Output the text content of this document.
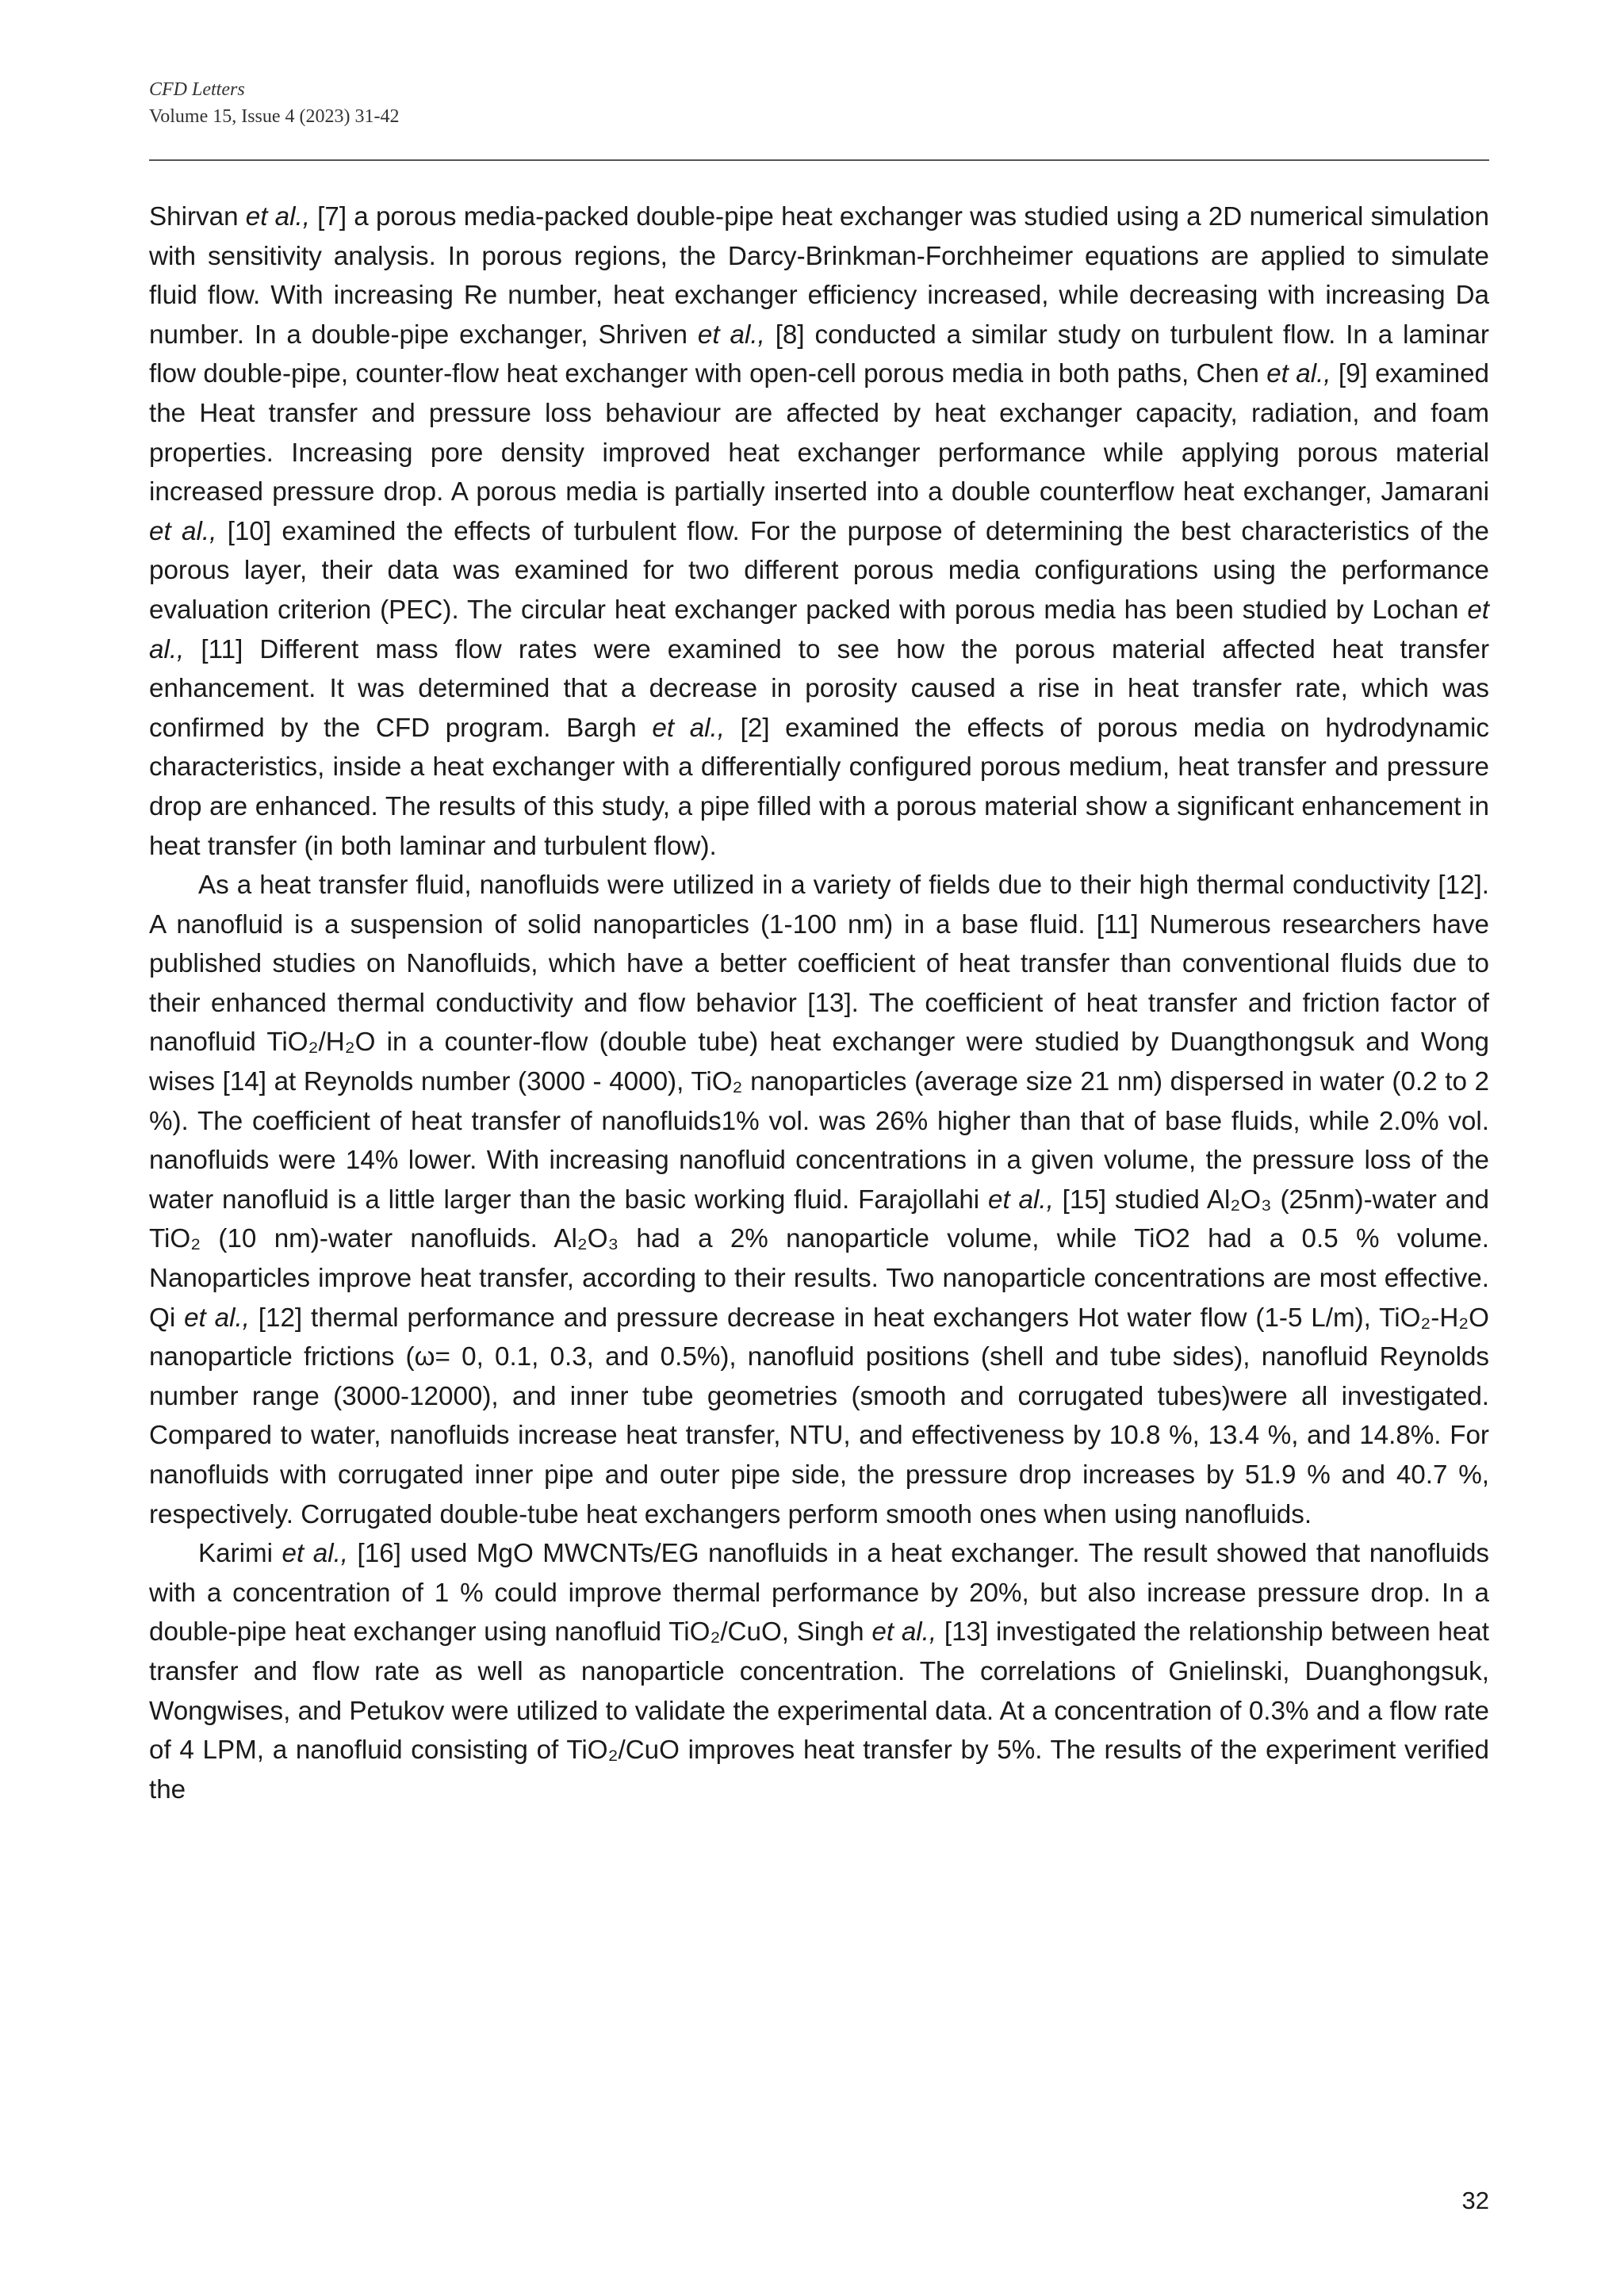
CFD Letters
Volume 15, Issue 4 (2023) 31-42

Shirvan et al., [7] a porous media-packed double-pipe heat exchanger was studied using a 2D numerical simulation with sensitivity analysis. In porous regions, the Darcy-Brinkman-Forchheimer equations are applied to simulate fluid flow. With increasing Re number, heat exchanger efficiency increased, while decreasing with increasing Da number. In a double-pipe exchanger, Shriven et al., [8] conducted a similar study on turbulent flow. In a laminar flow double-pipe, counter-flow heat exchanger with open-cell porous media in both paths, Chen et al., [9] examined the Heat transfer and pressure loss behaviour are affected by heat exchanger capacity, radiation, and foam properties. Increasing pore density improved heat exchanger performance while applying porous material increased pressure drop. A porous media is partially inserted into a double counterflow heat exchanger, Jamarani et al., [10] examined the effects of turbulent flow. For the purpose of determining the best characteristics of the porous layer, their data was examined for two different porous media configurations using the performance evaluation criterion (PEC). The circular heat exchanger packed with porous media has been studied by Lochan et al., [11] Different mass flow rates were examined to see how the porous material affected heat transfer enhancement. It was determined that a decrease in porosity caused a rise in heat transfer rate, which was confirmed by the CFD program. Bargh et al., [2] examined the effects of porous media on hydrodynamic characteristics, inside a heat exchanger with a differentially configured porous medium, heat transfer and pressure drop are enhanced. The results of this study, a pipe filled with a porous material show a significant enhancement in heat transfer (in both laminar and turbulent flow).

As a heat transfer fluid, nanofluids were utilized in a variety of fields due to their high thermal conductivity [12]. A nanofluid is a suspension of solid nanoparticles (1-100 nm) in a base fluid. [11] Numerous researchers have published studies on Nanofluids, which have a better coefficient of heat transfer than conventional fluids due to their enhanced thermal conductivity and flow behavior [13]. The coefficient of heat transfer and friction factor of nanofluid TiO₂/H₂O in a counter-flow (double tube) heat exchanger were studied by Duangthongsuk and Wong wises [14] at Reynolds number (3000 - 4000), TiO₂ nanoparticles (average size 21 nm) dispersed in water (0.2 to 2 %). The coefficient of heat transfer of nanofluids1% vol. was 26% higher than that of base fluids, while 2.0% vol. nanofluids were 14% lower. With increasing nanofluid concentrations in a given volume, the pressure loss of the water nanofluid is a little larger than the basic working fluid. Farajollahi et al., [15] studied Al₂O₃ (25nm)-water and TiO₂ (10 nm)-water nanofluids. Al₂O₃ had a 2% nanoparticle volume, while TiO2 had a 0.5 % volume. Nanoparticles improve heat transfer, according to their results. Two nanoparticle concentrations are most effective. Qi et al., [12] thermal performance and pressure decrease in heat exchangers Hot water flow (1-5 L/m), TiO₂-H₂O nanoparticle frictions (ω= 0, 0.1, 0.3, and 0.5%), nanofluid positions (shell and tube sides), nanofluid Reynolds number range (3000-12000), and inner tube geometries (smooth and corrugated tubes)were all investigated. Compared to water, nanofluids increase heat transfer, NTU, and effectiveness by 10.8 %, 13.4 %, and 14.8%. For nanofluids with corrugated inner pipe and outer pipe side, the pressure drop increases by 51.9 % and 40.7 %, respectively. Corrugated double-tube heat exchangers perform smooth ones when using nanofluids.

Karimi et al., [16] used MgO MWCNTs/EG nanofluids in a heat exchanger. The result showed that nanofluids with a concentration of 1 % could improve thermal performance by 20%, but also increase pressure drop. In a double-pipe heat exchanger using nanofluid TiO₂/CuO, Singh et al., [13] investigated the relationship between heat transfer and flow rate as well as nanoparticle concentration. The correlations of Gnielinski, Duanghongsuk, Wongwises, and Petukov were utilized to validate the experimental data. At a concentration of 0.3% and a flow rate of 4 LPM, a nanofluid consisting of TiO₂/CuO improves heat transfer by 5%. The results of the experiment verified the

32
